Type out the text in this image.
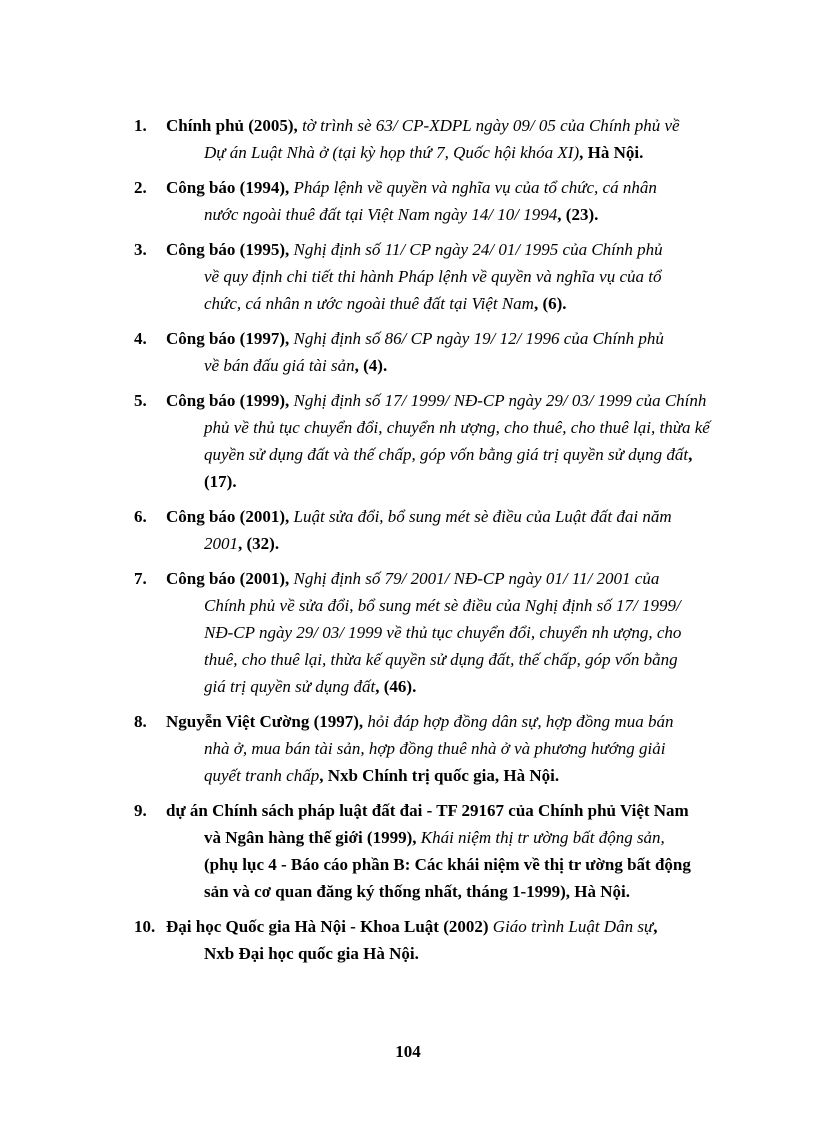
1.	Chính phủ (2005), tờ trình sè 63/ CP-XDPL ngày 09/ 05 của Chính phủ về
Dự án Luật Nhà ở (tại kỳ họp thứ 7, Quốc hội khóa XI), Hà Nội.
2.	Công báo (1994), Pháp lệnh về quyền và nghĩa vụ của tổ chức, cá nhân
nước ngoài thuê đất tại Việt Nam ngày 14/ 10/ 1994, (23).
3.	Công báo (1995), Nghị định số 11/ CP ngày 24/ 01/ 1995 của Chính phủ
về quy định chi tiết thi hành Pháp lệnh về quyền và nghĩa vụ của tổ
chức, cá nhân n ước ngoài thuê đất tại Việt Nam, (6).
4.	Công báo (1997), Nghị định số 86/ CP ngày 19/ 12/ 1996 của Chính phủ
về bán đấu giá tài sản, (4).
5.	Công báo (1999), Nghị định số 17/ 1999/ NĐ-CP ngày 29/ 03/ 1999 của Chính
phủ về thủ tục chuyển đổi, chuyển nh ượng, cho thuê, cho thuê lại, thừa kế
quyền sử dụng đất và thế chấp, góp vốn bằng giá trị quyền sử dụng đất,
(17).
6.	Công báo (2001), Luật sửa đổi, bổ sung mét sè điều của Luật đất đai năm
2001, (32).
7.	Công báo (2001), Nghị định số 79/ 2001/ NĐ-CP ngày 01/ 11/ 2001 của
Chính phủ về sửa đổi, bổ sung mét sè điều của Nghị định số 17/ 1999/
NĐ-CP ngày 29/ 03/ 1999 về thủ tục chuyển đổi, chuyển nh ượng, cho
thuê, cho thuê lại, thừa kế quyền sử dụng đất, thế chấp, góp vốn bằng
giá trị quyền sử dụng đất, (46).
8.	Nguyễn Việt Cường (1997), hỏi đáp hợp đồng dân sự, hợp đồng mua bán
nhà ở, mua bán tài sản, hợp đồng thuê nhà ở và phương hướng giải
quyết tranh chấp, Nxb Chính trị quốc gia, Hà Nội.
9.	dự án Chính sách pháp luật đất đai - TF 29167 của Chính phủ Việt Nam
và Ngân hàng thế giới (1999), Khái niệm thị tr ường bất động sản,
(phụ lục 4 - Báo cáo phần B: Các khái niệm về thị tr ường bất động
sản và cơ quan đăng ký thống nhất, tháng 1-1999), Hà Nội.
10. Đại học Quốc gia Hà Nội - Khoa Luật (2002) Giáo trình Luật Dân sự,
Nxb Đại học quốc gia Hà Nội.
104
